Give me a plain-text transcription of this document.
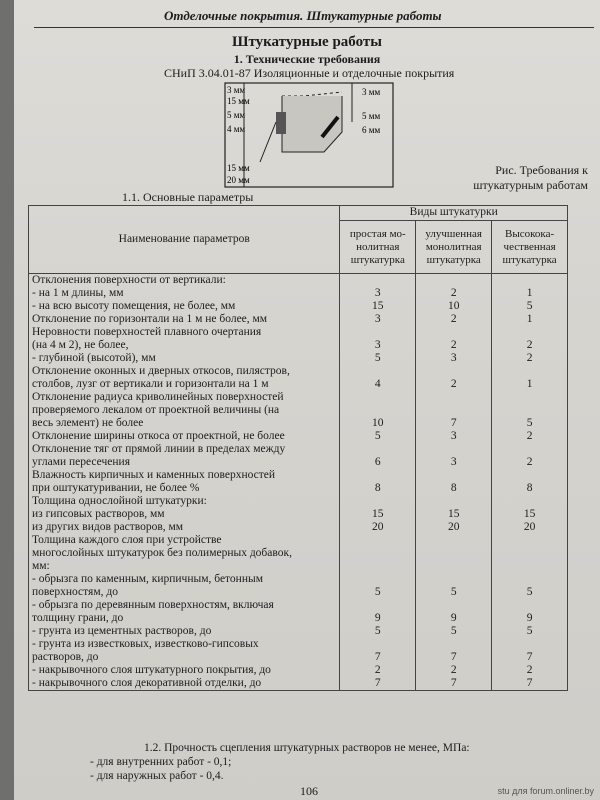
Отделочные покрытия. Штукатурные работы
Штукатурные работы
1. Технические требования
СНиП 3.04.01-87 Изоляционные и отделочные покрытия
3 мм
15 мм
5 мм
4 мм
15 мм
20 мм
3 мм
5 мм
6 мм
Рис. Требования к
штукатурным работам
1.1. Основные параметры
Наименование параметров	Виды штукатурки		
	простая мо-нолитная штукатурка	улучшенная монолитная штукатурка	Высокока-чественная штукатурка

Отклонения поверхности от вертикали:
- на 1 м длины, мм	3	2	1

- на всю высоту помещения, не более, мм	15	10	5

Отклонение по горизонтали на 1 м не более, мм	3	2	1

Неровности поверхностей плавного очертания
(на 4 м 2), не более,	3	2	2

- глубиной (высотой), мм	5	3	2

Отклонение оконных и дверных откосов, пилястров,
столбов, лузг от вертикали и горизонтали на 1 м	4	2	1

Отклонение радиуса криволинейных поверхностей
проверяемого лекалом от проектной величины (на
весь элемент) не более	10	7	5

Отклонение ширины откоса от проектной, не более	5	3	2

Отклонение тяг от прямой линии в пределах между
углами пересечения	6	3	2

Влажность кирпичных и каменных поверхностей
при оштукатуривании, не более %	8	8	8

Толщина однослойной штукатурки:
из гипсовых растворов, мм	15	15	15

из других видов растворов, мм	20	20	20

Толщина каждого слоя при устройстве
многослойных штукатурок без полимерных добавок,
мм:
- обрызга по каменным, кирпичным, бетонным
поверхностям, до	5	5	5

- обрызга по деревянным поверхностям, включая
толщину грани, до	9	9	9

- грунта из цементных растворов, до	5	5	5

- грунта из известковых, известково-гипсовых
растворов, до	7	7	7

- накрывочного слоя штукатурного покрытия, до	2	2	2

- накрывочного слоя декоративной отделки, до	7	7	7
1.2. Прочность сцепления штукатурных растворов не менее, МПа:
- для внутренних работ - 0,1;
- для наружных работ - 0,4.
106	stu для forum.onliner.by
